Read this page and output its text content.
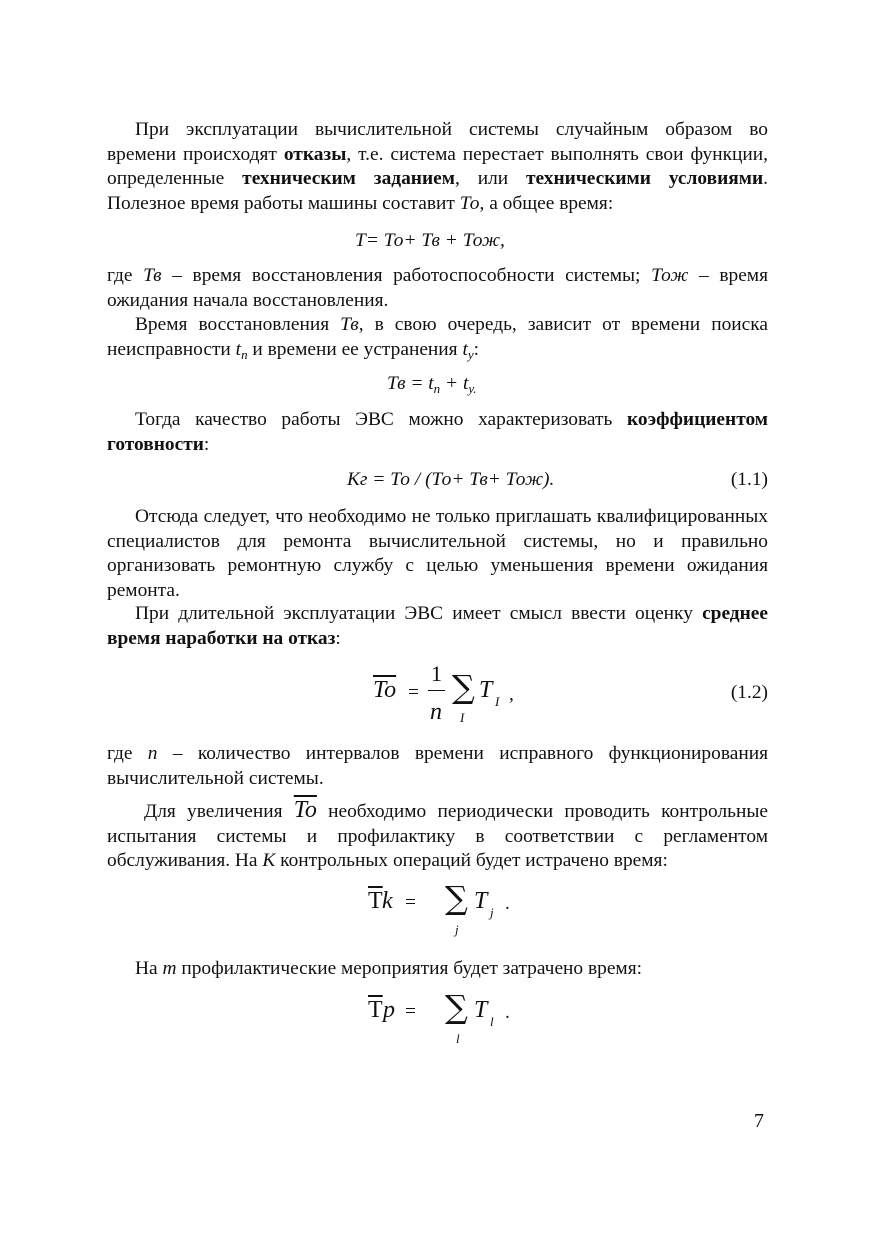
При эксплуатации вычислительной системы случайным образом во времени происходят отказы, т.е. система перестает выполнять свои функции, определенные техническим заданием, или техническими условиями. Полезное время работы машины составит То, а общее время:

T= То+ Тв + Тож,

где Тв – время восстановления работоспособности системы; Тож – время ожидания начала восстановления.

Время восстановления Тв, в свою очередь, зависит от времени поиска неисправности $t_п$ и времени ее устранения $t_у$:

Тв = $t_п + t_{у.}$

Тогда качество работы ЭВС можно характеризовать коэффициентом готовности:

Кг = То / (То+ Тв+ Тож).	(1.1)

Отсюда следует, что необходимо не только приглашать квалифицированных специалистов для ремонта вычислительной системы, но и правильно организовать ремонтную службу с целью уменьшения времени ожидания ремонта.

При длительной эксплуатации ЭВС имеет смысл ввести оценку среднее время наработки на отказ:

$\overline{To}$ =
1
n
∑ T I
I
,	(1.2)

где n – количество интервалов времени исправного функционирования вычислительной системы.

Для увеличения $\overline{To}$ необходимо периодически проводить контрольные испытания системы и профилактику в соответствии с регламентом обслуживания. На К контрольных операций будет истрачено время:

$\overline{T}$ k = ∑ T j
j
.

На m профилактические мероприятия будет затрачено время:

$\overline{T}$ p = ∑ T l
l
.
7
